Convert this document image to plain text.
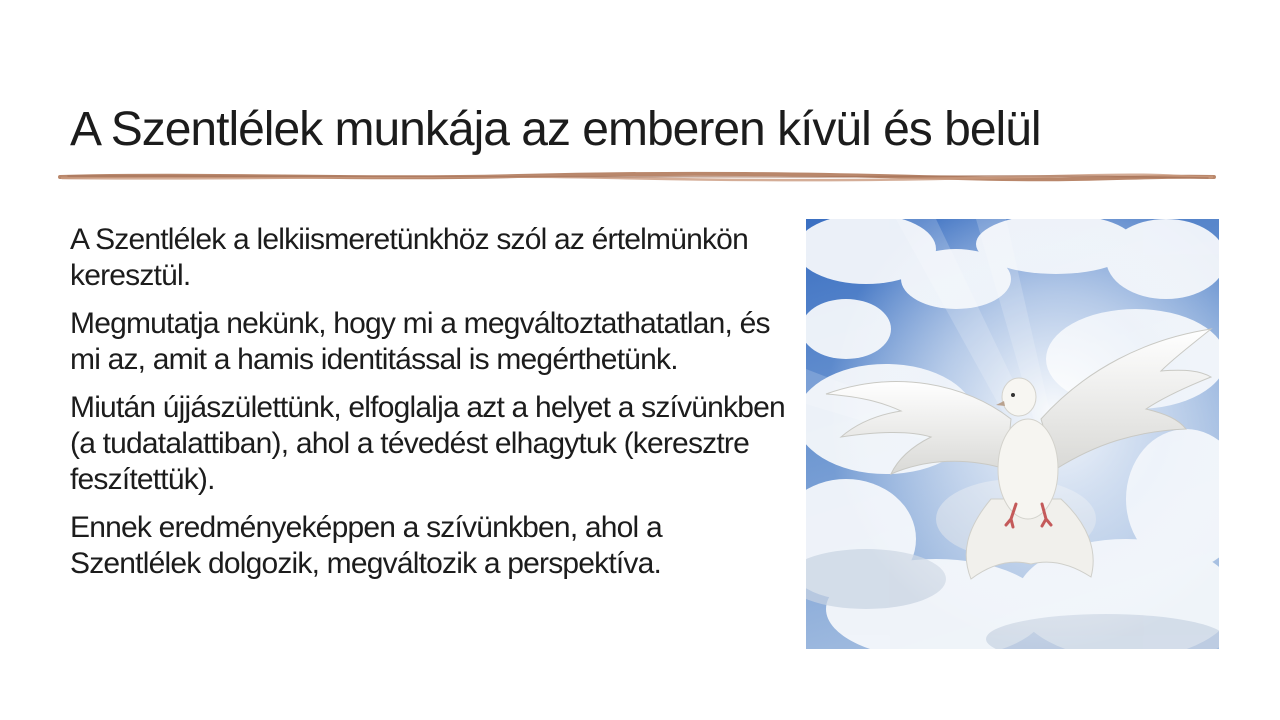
A Szentlélek munkája az emberen kívül és belül

A Szentlélek a lelkiismeretünkhöz szól az értelmünkön keresztül.

Megmutatja nekünk, hogy mi a megváltoztathatatlan, és mi az, amit a hamis identitással is megérthetünk.

Miután újjászülettünk, elfoglalja azt a helyet a szívünkben (a tudatalattiban), ahol a tévedést elhagytuk (keresztre feszítettük).

Ennek eredményeképpen a szívünkben, ahol a Szentlélek dolgozik, megváltozik a perspektíva.
